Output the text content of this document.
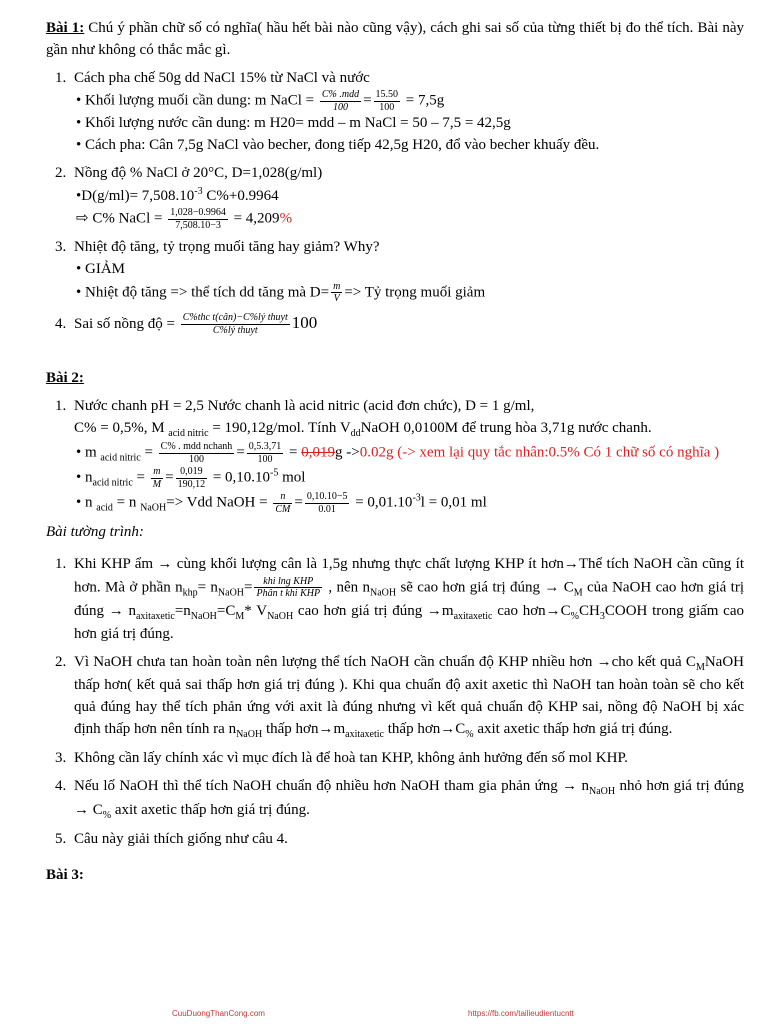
Bài 1: Chú ý phần chữ số có nghĩa( hầu hết bài nào cũng vậy), cách ghi sai số của từng thiết bị đo thể tích. Bài này gần như không có thắc mắc gì.

1. Cách pha chế 50g dd NaCl 15% từ NaCl và nước
• Khối lượng muối cần dung: m NaCl = $\frac{\text{C\% .mdd}}{100} = \frac{15.50}{100} = 7,5g$
• Khối lượng nước cần dung: m H20= mdd – m NaCl = 50 – 7,5 = 42,5g
• Cách pha: Cân 7,5g NaCl vào becher, đong tiếp 42,5g H20, đổ vào becher khuấy đều.
2. Nồng độ % NaCl ở 20°C, D=1,028(g/ml)
•D(g/ml)= $7,508.10^{-3}$ C%+0.9964
⇨ C% NaCl = $\frac{1,028-0.9964}{7,508.10-3} = 4,209\%$
3. Nhiệt độ tăng, tỷ trọng muối tăng hay giảm? Why?
• GIẢM
• Nhiệt độ tăng => thể tích dd tăng mà $D= \frac{m}{V}$ => Tỷ trọng muối giảm
4. Sai số nồng độ = $\frac{\text{C\%thc t(cân)−C\%lý thuyt}}{\text{C\%lý thuyt}} 100$

Bài 2:

1. Nước chanh pH = 2,5 Nước chanh là acid nitric (acid đơn chức), D = 1 g/ml,
C% = 0,5%, M $_{acid nitric}$ = 190,12g/mol. Tính $V_{dd}NaOH$ 0,0100M để trung hòa 3,71g nước chanh.
• m $_{acid nitric} = \frac{\text{C\% . mdd nchanh}}{100} = \frac{0,5.3,71}{100} = 0,019g$ ->0.02g (-> xem lại quy tắc nhân:0.5% Có 1 chữ số có nghĩa )
• $n_{acid nitric} = \frac{m}{M} = \frac{0,019}{190,12} = 0,10.10^{-5}$ mol
• n $_{acid}$ = n $_{NaOH}$=> Vdd NaOH = $\frac{n}{CM} = \frac{0,10.10-5}{0.01} = 0,01.10^{-3}l = 0,01$ ml

Bài tường trình:

1. Khi KHP ẩm → cùng khối lượng cân là 1,5g nhưng thực chất lượng KHP ít hơn→Thể tích NaOH cần cũng ít hơn. Mà ở phần $n_{khp}= n_{NaOH}= \frac{\text{khi lng KHP}}{\text{Phân t khi KHP}}$ , nên $n_{NaOH}$ sẽ cao hơn giá trị đúng → $C_M$ của NaOH cao hơn giá trị đúng → $n_{axitaxetic}=n_{NaOH}=C_M*$ $V_{NaOH}$ cao hơn giá trị đúng $\to m_{axitaxetic}$ cao $hơn\to C_{\%}CH_3COOH$ trong giấm cao hơn giá trị đúng.
2. Vì NaOH chưa tan hoàn toàn nên lượng thể tích NaOH cần chuẩn độ KHP nhiều hơn →cho kết quả $C_MNaOH$ thấp hơn( kết quả sai thấp hơn giá trị đúng ). Khi qua chuẩn độ axit axetic thì NaOH tan hoàn toàn sẽ cho kết quả đúng hay thể tích phản ứng với axit là đúng nhưng vì kết quả chuẩn độ KHP sai, nồng độ NaOH bị xác định thấp hơn nên tính ra $n_{NaOH}$ thấp $hơn\to m_{axitaxetic}$ thấp $hơn\to C_{\%}$ axit axetic thấp hơn giá trị đúng.
3. Không cần lấy chính xác vì mục đích là để hoà tan KHP, không ảnh hưởng đến số mol KHP.
4. Nếu lố NaOH thì thể tích NaOH chuẩn độ nhiều hơn NaOH tham gia phản ứng → $n_{NaOH}$ nhỏ hơn giá trị đúng → $C_{\%}$ axit axetic thấp hơn giá trị đúng.
5. Câu này giải thích giống như câu 4.

Bài 3:

CuuDuongThanCong.com	https://fb.com/tailieudientucntt
